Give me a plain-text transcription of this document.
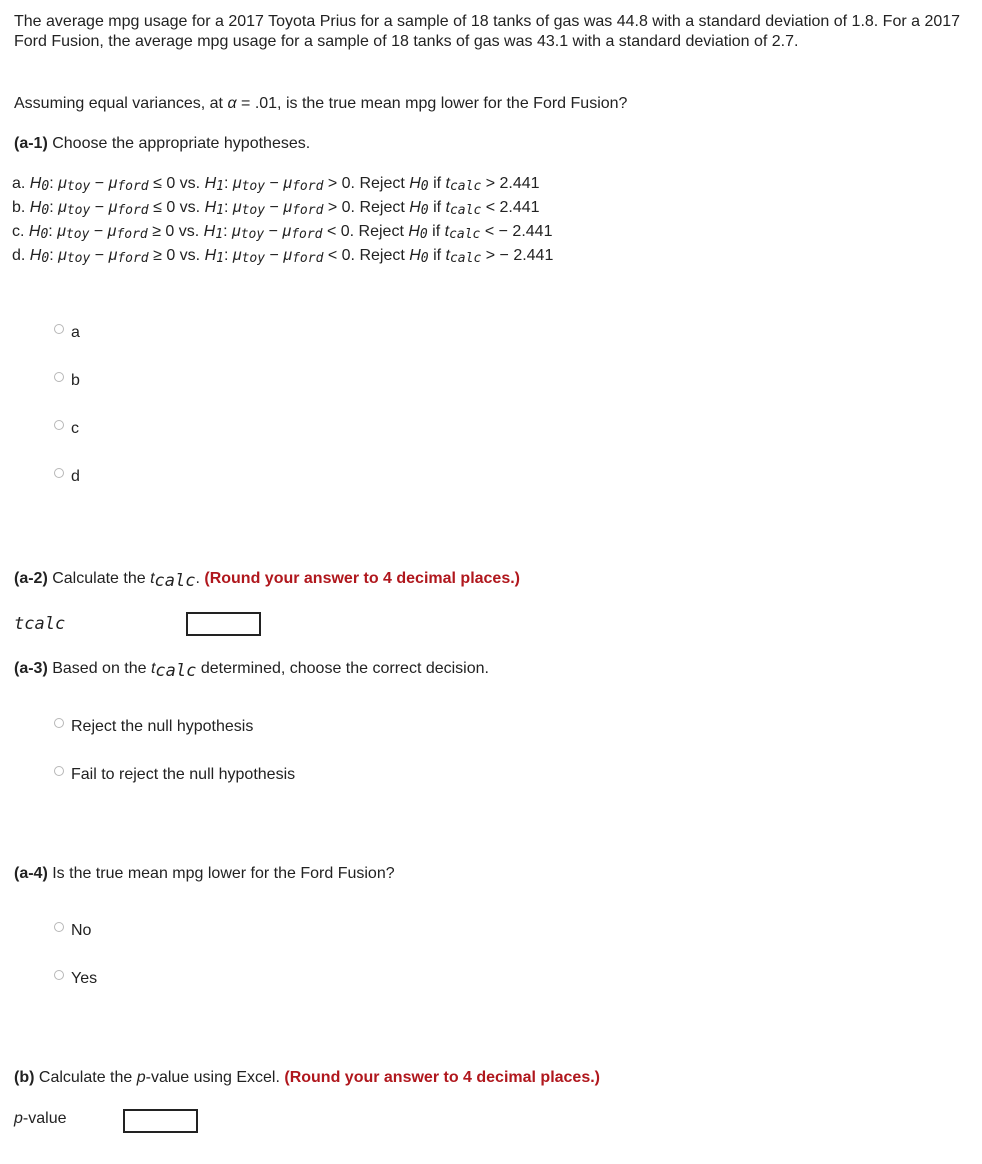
The average mpg usage for a 2017 Toyota Prius for a sample of 18 tanks of gas was 44.8 with a standard deviation of 1.8. For a 2017 Ford Fusion, the average mpg usage for a sample of 18 tanks of gas was 43.1 with a standard deviation of 2.7.
Assuming equal variances, at α = .01, is the true mean mpg lower for the Ford Fusion?
(a-1) Choose the appropriate hypotheses.
a. H0: μtoy − μford ≤ 0 vs. H1: μtoy − μford > 0. Reject H0 if tcalc > 2.441
b. H0: μtoy − μford ≤ 0 vs. H1: μtoy − μford > 0. Reject H0 if tcalc < 2.441
c. H0: μtoy − μford ≥ 0 vs. H1: μtoy − μford < 0. Reject H0 if tcalc < − 2.441
d. H0: μtoy − μford ≥ 0 vs. H1: μtoy − μford < 0. Reject H0 if tcalc > − 2.441
a
b
c
d
(a-2) Calculate the tcalc. (Round your answer to 4 decimal places.)
tcalc
(a-3) Based on the tcalc determined, choose the correct decision.
Reject the null hypothesis
Fail to reject the null hypothesis
(a-4) Is the true mean mpg lower for the Ford Fusion?
No
Yes
(b) Calculate the p-value using Excel. (Round your answer to 4 decimal places.)
p-value
